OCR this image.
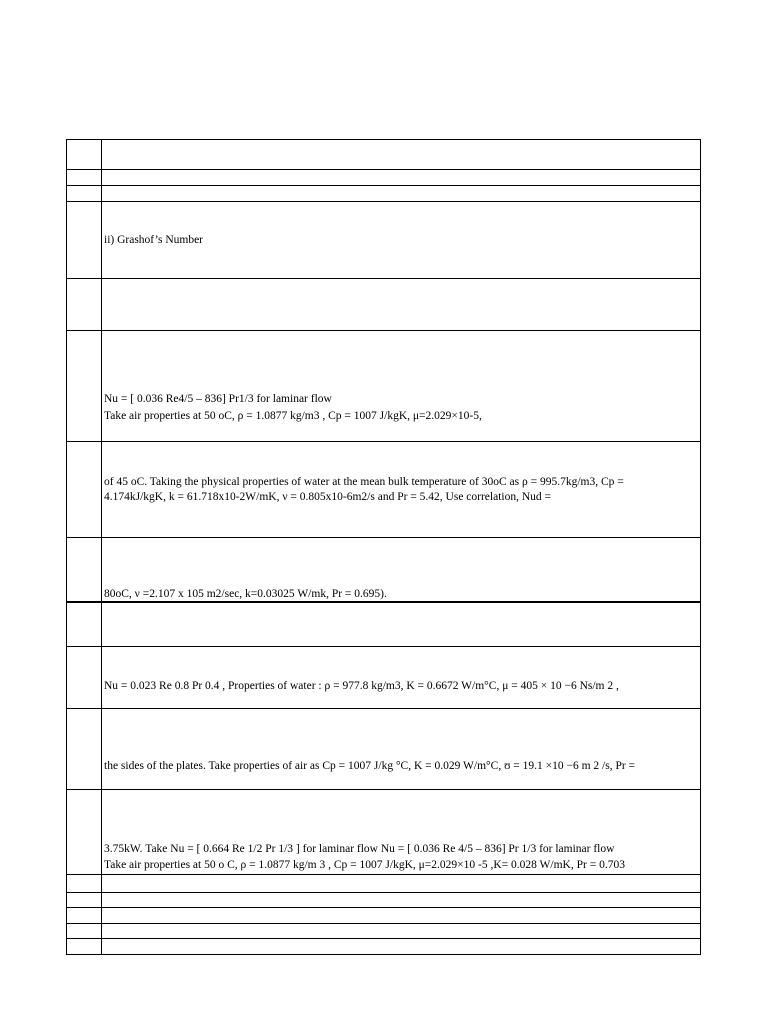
ii) Grashof’s Number
Nu = [ 0.036 Re4/5 – 836] Pr1/3 for laminar flow
Take air properties at 50 oC, ρ = 1.0877 kg/m3 , Cp = 1007 J/kgK, μ=2.029×10-5,
of 45 oC. Taking the physical properties of water at the mean bulk temperature of 30oC as ρ = 995.7kg/m3, Cp =
4.174kJ/kgK, k = 61.718x10-2W/mK, ν = 0.805x10-6m2/s and Pr = 5.42, Use correlation, Nud =
80oC, ν =2.107 x 105 m2/sec, k=0.03025 W/mk, Pr = 0.695).
Nu = 0.023 Re 0.8 Pr 0.4 , Properties of water : ρ = 977.8 kg/m3, K = 0.6672 W/m°C, μ = 405 × 10 −6 Ns/m 2 ,
the sides of the plates. Take properties of air as Cp = 1007 J/kg °C, K = 0.029 W/m°C, ʊ = 19.1 ×10 −6 m 2 /s, Pr =
3.75kW. Take Nu = [ 0.664 Re 1/2 Pr 1/3 ] for laminar flow Nu = [ 0.036 Re 4/5 – 836] Pr 1/3 for laminar flow
Take air properties at 50 o C, ρ = 1.0877 kg/m 3 , Cp = 1007 J/kgK, μ=2.029×10 -5 ,K= 0.028 W/mK, Pr = 0.703
